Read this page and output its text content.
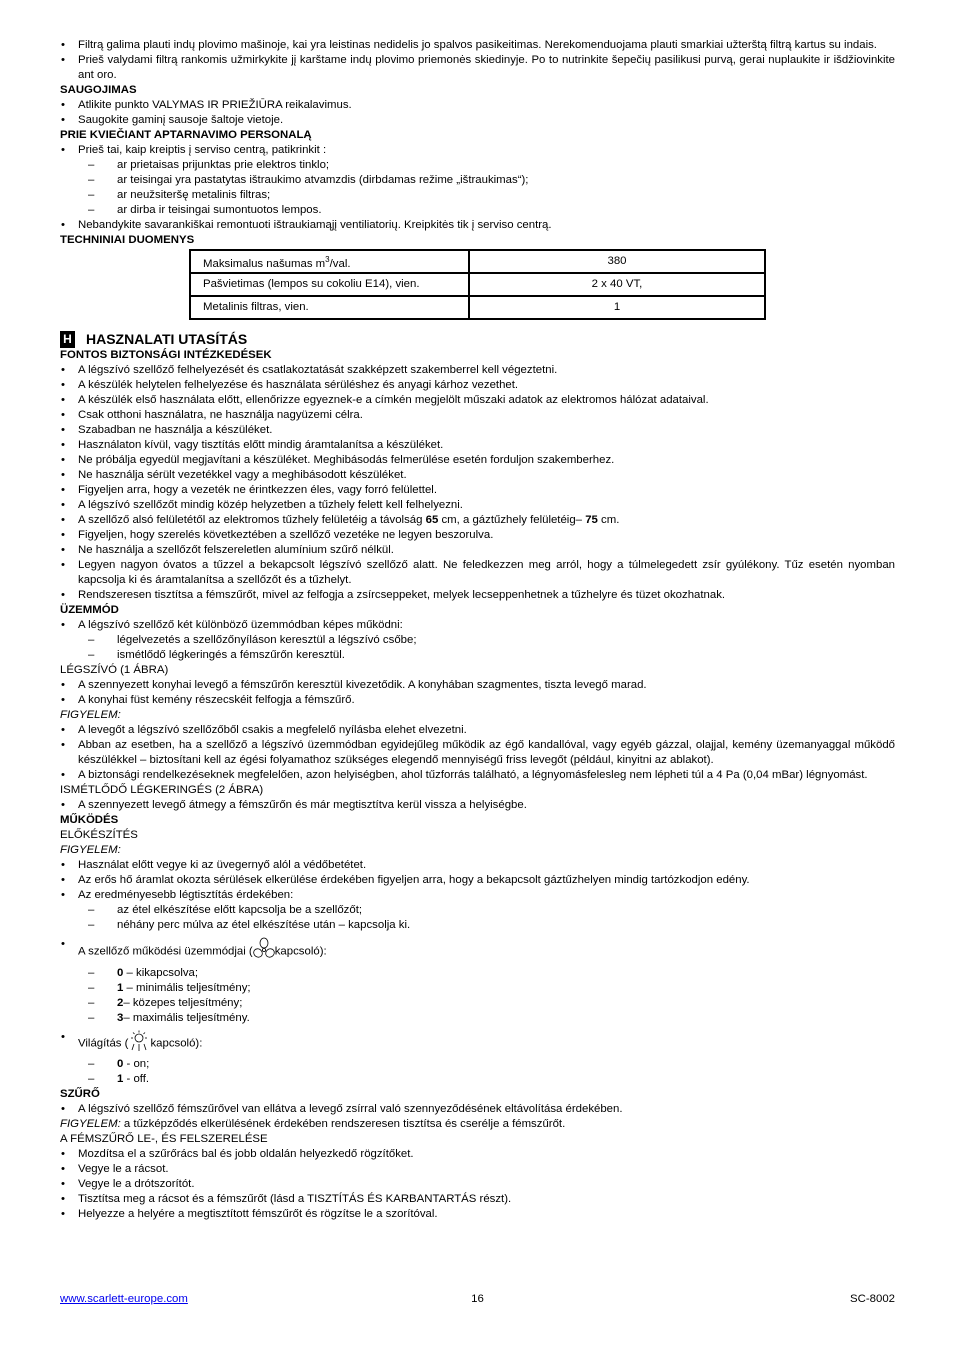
• Filtrą galima plauti indų plovimo mašinoje, kai yra leistinas nedidelis jo spalvos pasikeitimas. Nerekomenduojama plauti smarkiai užterštą filtrą kartus su indais.
• Prieš valydami filtrą rankomis užmirkykite jį karštame indų plovimo priemonės skiedinyje. Po to nutrinkite šepečių pasilikusi purvą, gerai nuplaukite ir išdžiovinkite ant oro.
SAUGOJIMAS
• Atlikite punkto VALYMAS IR PRIEŽIŪRA reikalavimus.
• Saugokite gaminį sausoje šaltoje vietoje.
PRIE KVIEČIANT APTARNAVIMO PERSONALĄ
• Prieš tai, kaip kreiptis į serviso centrą, patikrinkit :
– ar prietaisas prijunktas prie elektros tinklo;
– ar teisingai yra pastatytas ištraukimo atvamzdis (dirbdamas režime „ištraukimas“);
– ar neužsiteršę metalinis filtras;
– ar dirba ir teisingai sumontuotos lempos.
• Nebandykite savarankiškai remontuoti ištraukiamąjį ventiliatorių. Kreipkitės tik į serviso centrą.
TECHNINIAI DUOMENYS
Maksimalus našumas $m^3$/val.	380
Pašvietimas (lempos su cokoliu E14), vien.	2 x 40 VT,
Metalinis filtras, vien.	1
H HASZNALATI UTASÍTÁS
FONTOS BIZTONSÁGI INTÉZKEDÉSEK
• A légszívó szellőző felhelyezését és csatlakoztatását szakképzett szakemberrel kell végeztetni.
• A készülék helytelen felhelyezése és használata sérüléshez és anyagi kárhoz vezethet.
• A készülék első használata előtt, ellenőrizze egyeznek-e a címkén megjelölt műszaki adatok az elektromos hálózat adataival.
• Csak otthoni használatra, ne használja nagyüzemi célra.
• Szabadban ne használja a készüléket.
• Használaton kívül, vagy tisztítás előtt mindig áramtalanítsa a készüléket.
• Ne próbálja egyedül megjavítani a készüléket. Meghibásodás felmerülése esetén forduljon szakemberhez.
• Ne használja sérült vezetékkel vagy a meghibásodott készüléket.
• Figyeljen arra, hogy a vezeték ne érintkezzen éles, vagy forró felülettel.
• A légszívó szellőzőt mindig közép helyzetben a tűzhely felett kell felhelyezni.
• A szellőző alsó felületétől az elektromos tűzhely felületéig a távolság 65 cm, a gáztűzhely felületéig– 75 cm.
• Figyeljen, hogy szerelés következtében a szellőző vezetéke ne legyen beszorulva.
• Ne használja a szellőzőt felszereletlen alumínium szűrő nélkül.
• Legyen nagyon óvatos a tűzzel a bekapcsolt légszívó szellőző alatt. Ne feledkezzen meg arról, hogy a túlmelegedett zsír gyúlékony. Tűz esetén nyomban kapcsolja ki és áramtalanítsa a szellőzőt és a tűzhelyt.
• Rendszeresen tisztítsa a fémszűrőt, mivel az felfogja a zsírcseppeket, melyek lecseppenhetnek a tűzhelyre és tüzet okozhatnak.
ÜZEMMÓD
• A légszívó szellőző két különböző üzemmódban képes működni:
– légelvezetés a szellőzőnyíláson keresztül a légszívó csőbe;
– ismétlődő légkeringés a fémszűrőn keresztül.
LÉGSZÍVÓ (1 ÁBRA)
• A szennyezett konyhai levegő a fémszűrőn keresztül kivezetődik. A konyhában szagmentes, tiszta levegő marad.
• A konyhai füst kemény részecskéit felfogja a fémszűrő.
FIGYELEM:
• A levegőt a légszívó szellőzőből csakis a megfelelő nyílásba elehet elvezetni.
• Abban az esetben, ha a szellőző a légszívó üzemmódban egyidejűleg működik az égő kandallóval, vagy egyéb gázzal, olajjal, kemény üzemanyaggal működő készülékkel – biztosítani kell az égési folyamathoz szükséges elegendő mennyiségű friss levegőt (például, kinyitni az ablakot).
• A biztonsági rendelkezéseknek megfelelően, azon helyiségben, ahol tűzforrás található, a légnyomásfelesleg nem lépheti túl a 4 Pa (0,04 mBar) légnyomást.
ISMÉTLŐDŐ LÉGKERINGÉS (2 ÁBRA)
• A szennyezett levegő átmegy a fémszűrőn és már megtisztítva kerül vissza a helyiségbe.
MŰKÖDÉS
ELŐKÉSZÍTÉS
FIGYELEM:
• Használat előtt vegye ki az üvegernyő alól a védőbetétet.
• Az erős hő áramlat okozta sérülések elkerülése érdekében figyeljen arra, hogy a bekapcsolt gáztűzhelyen mindig tartózkodjon edény.
• Az eredményesebb légtisztítás érdekében:
– az étel elkészítése előtt kapcsolja be a szellőzőt;
– néhány perc múlva az étel elkészítése után – kapcsolja ki.
•
A szellőző működési üzemmódjai ( kapcsoló):
– 0 – kikapcsolva;
– 1 – minimális teljesítmény;
– 2– közepes teljesítmény;
– 3– maximális teljesítmény.
•
Világítás ( kapcsoló):
– 0 - on;
– 1 - off.
SZŰRŐ
• A légszívó szellőző fémszűrővel van ellátva a levegő zsírral való szennyeződésének eltávolítása érdekében.
FIGYELEM: a tűzképződés elkerülésének érdekében rendszeresen tisztítsa és cserélje a fémszűrőt.
A FÉMSZŰRŐ LE-, ÉS FELSZERELÉSE
• Mozdítsa el a szűrőrács bal és jobb oldalán helyezkedő rögzítőket.
• Vegye le a rácsot.
• Vegye le a drótszorítót.
• Tisztítsa meg a rácsot és a fémszűrőt (lásd a TISZTÍTÁS ÉS KARBANTARTÁS részt).
• Helyezze a helyére a megtisztított fémszűrőt és rögzítse le a szorítóval.
www.scarlett-europe.com	16	SC-8002
